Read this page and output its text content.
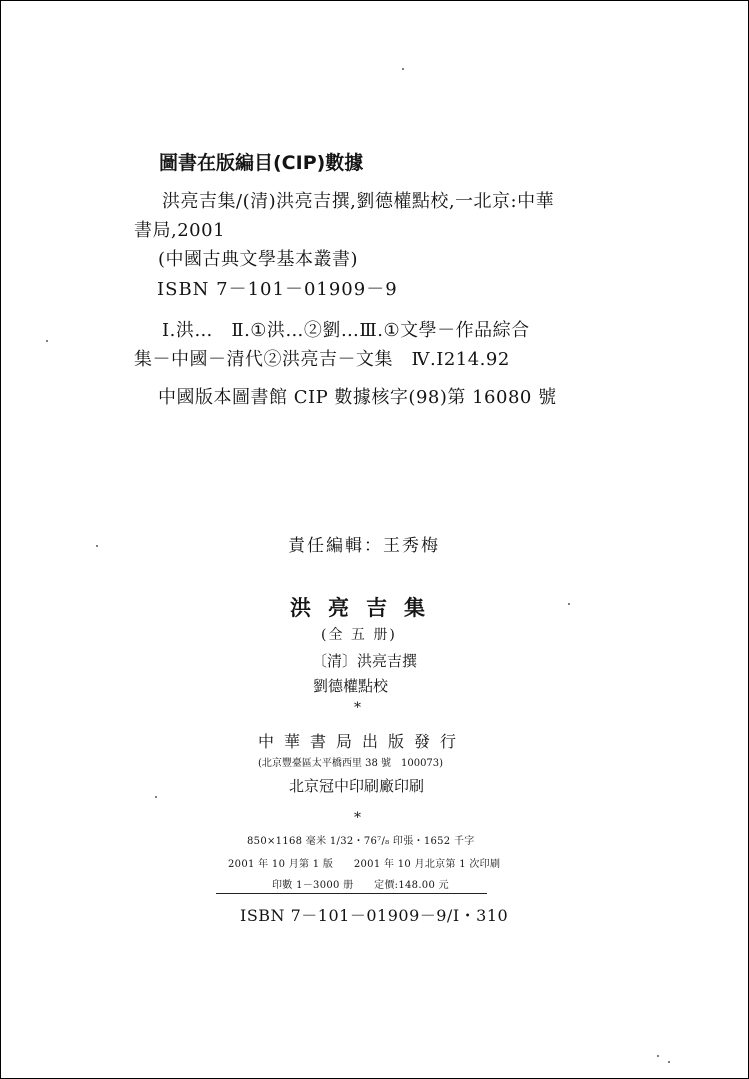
圖書在版編目(CIP)數據
洪亮吉集/(清)洪亮吉撰,劉德權點校,一北京:中華
書局,2001
(中國古典文學基本叢書)
ISBN 7－101－01909－9
Ⅰ.洪…　Ⅱ.①洪…②劉…Ⅲ.①文學－作品綜合
集－中國－清代②洪亮吉－文集　Ⅳ.I214.92
中國版本圖書館 CIP 數據核字(98)第 16080 號
責任編輯：王秀梅
洪亮吉集
(全 五 册)
〔清〕洪亮吉撰
劉德權點校
*
中華書局出版發行
(北京豐臺區太平橋西里 38 號　100073)
北京冠中印刷廠印刷
*
850×1168 毫米 1/32・76⁷/₈ 印張・1652 千字
2001 年 10 月第 1 版　　2001 年 10 月北京第 1 次印刷
印數 1－3000 册　　定價:148.00 元
ISBN 7－101－01909－9/I・310
